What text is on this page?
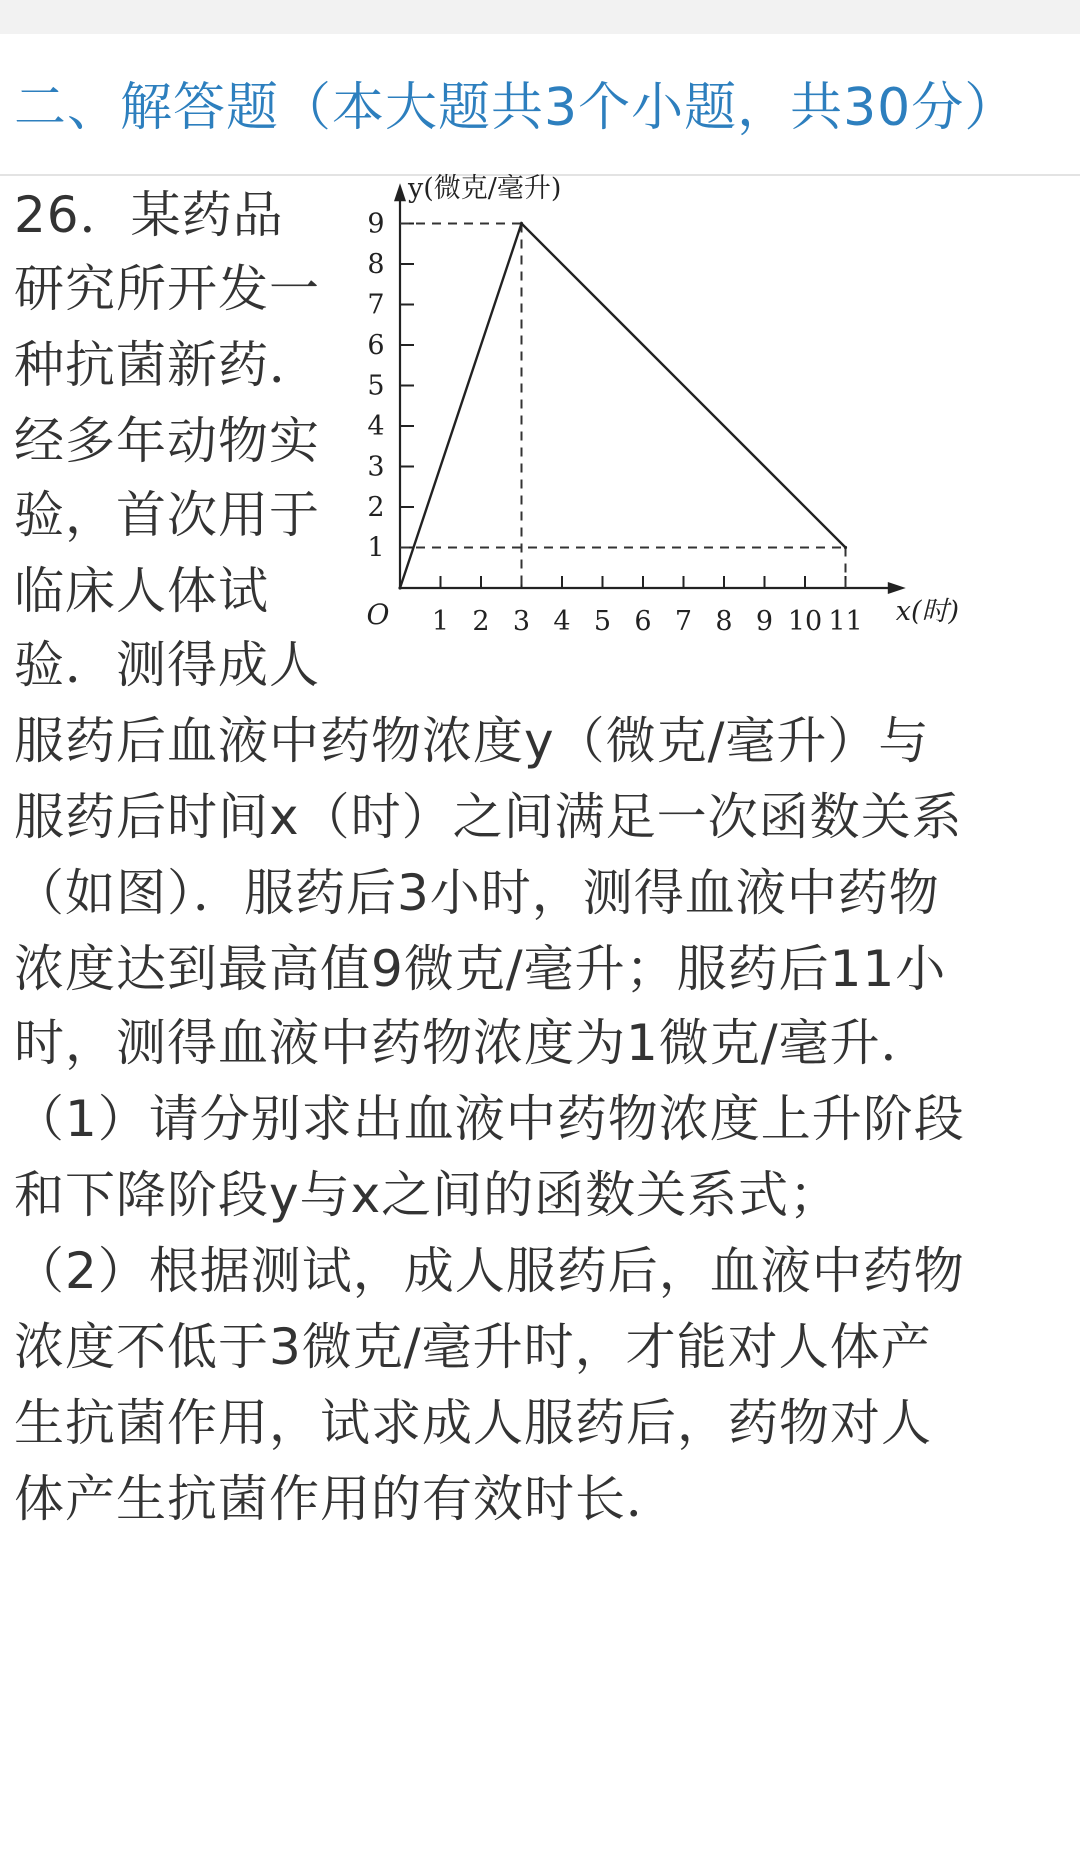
二、解答题（本大题共3个小题，共30分）
26．某药品
研究所开发一
种抗菌新药．
经多年动物实
验，首次用于
临床人体试
验．测得成人
服药后血液中药物浓度y（微克/毫升）与
服药后时间x（时）之间满足一次函数关系
（如图）．服药后3小时，测得血液中药物
浓度达到最高值9微克/毫升；服药后11小
时，测得血液中药物浓度为1微克/毫升．
（1）请分别求出血液中药物浓度上升阶段
和下降阶段y与x之间的函数关系式；
（2）根据测试，成人服药后，血液中药物
浓度不低于3微克/毫升时，才能对人体产
生抗菌作用，试求成人服药后，药物对人
体产生抗菌作用的有效时长．
1 2 3 4 5 6 7 8 9 10 11
1
2
3
4
5
6
7
8
9
O
y(微克/毫升)
x(时)
